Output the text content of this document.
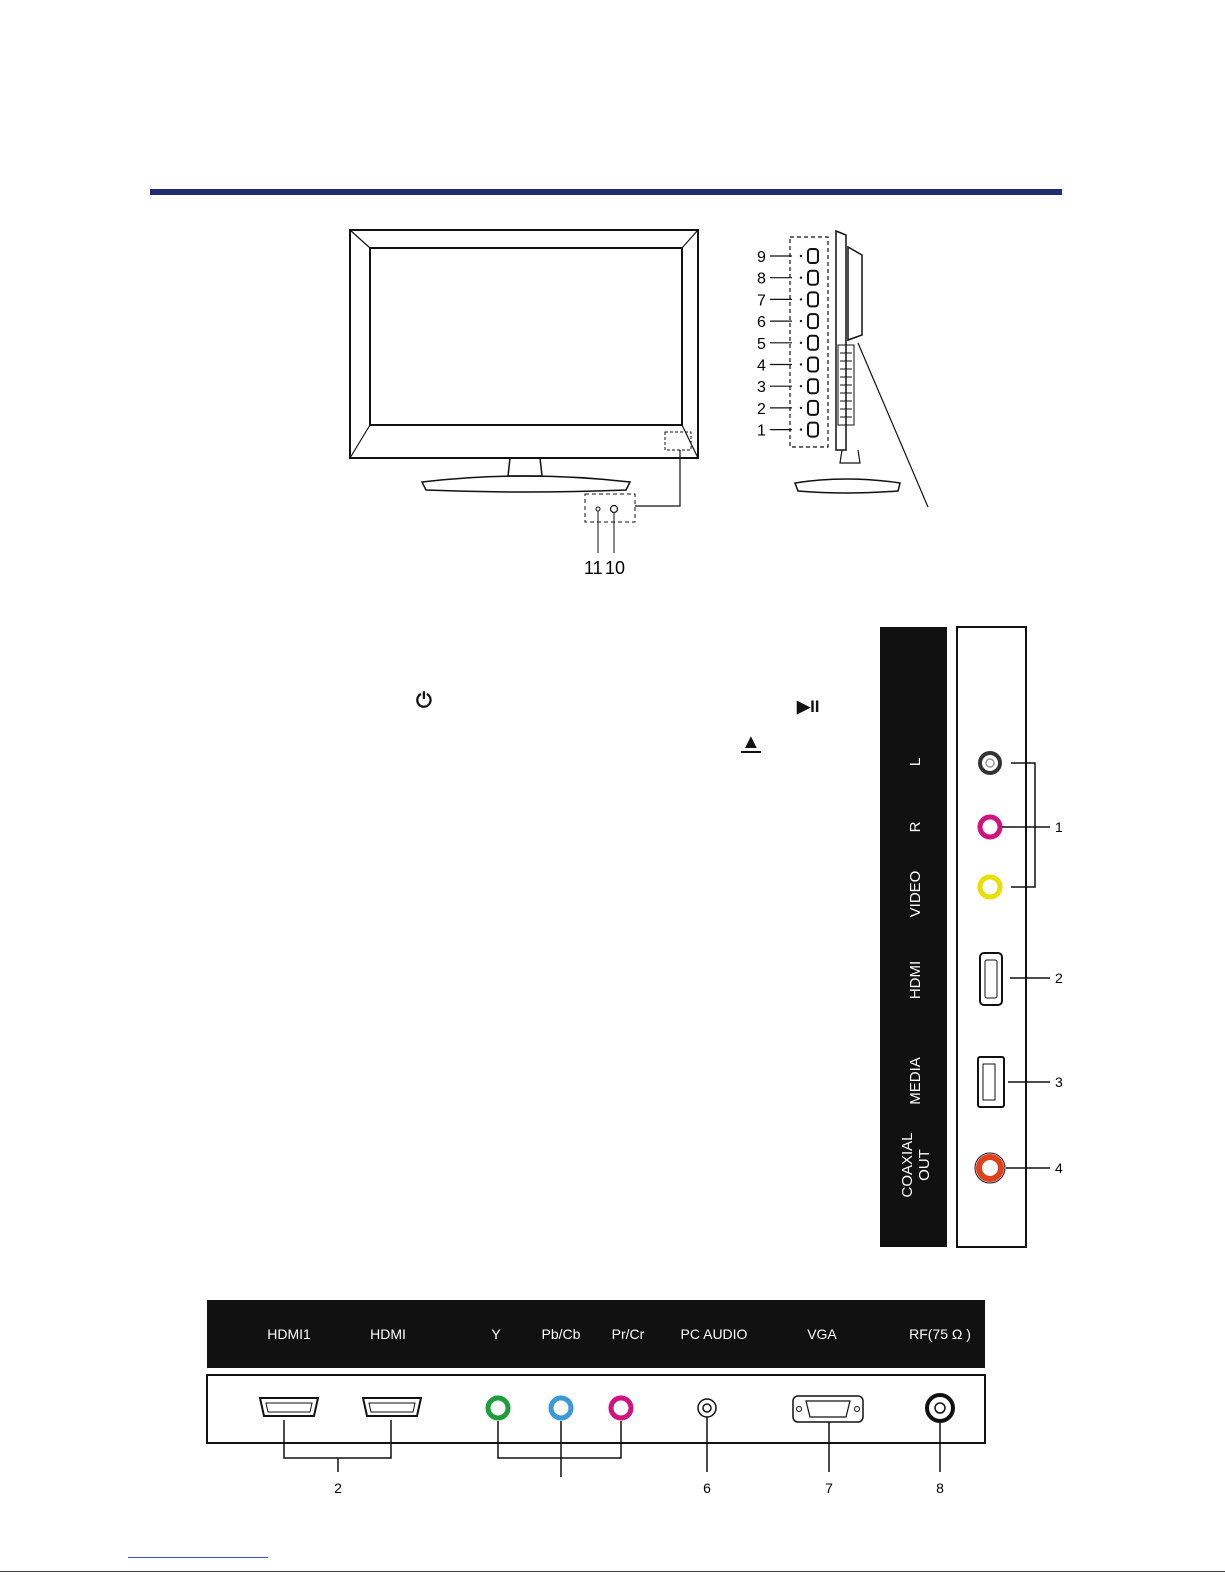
11 10
9
8
7
6
5
4
3
2
1
⏻	▶II
▲
L
R
VIDEO
HDMI
MEDIA
COAXIAL OUT
1
2
3
4
HDMI1	HDMI	Y	Pb/Cb Pr/Cr	PC AUDIO	VGA	RF(75 Ω )
2	6	7	8
